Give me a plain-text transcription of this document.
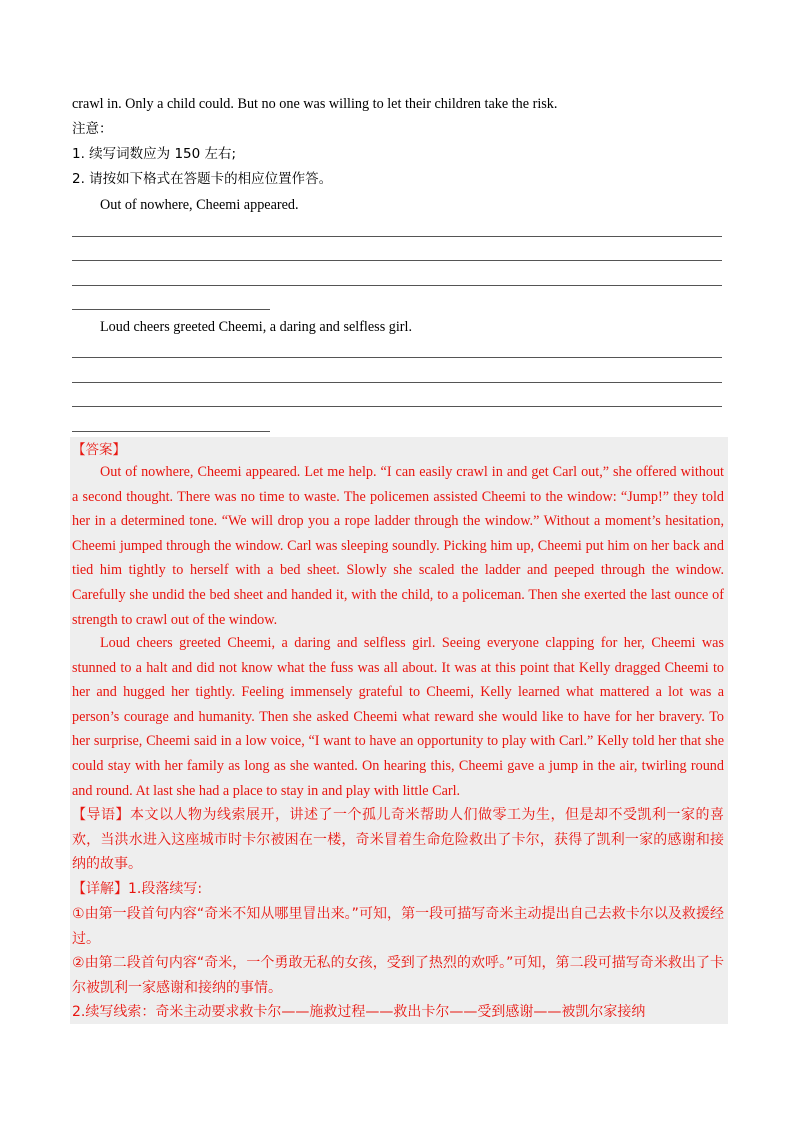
crawl in. Only a child could. But no one was willing to let their children take the risk.
注意：
1. 续写词数应为 150 左右;
2. 请按如下格式在答题卡的相应位置作答。
Out of nowhere, Cheemi appeared.
Loud cheers greeted Cheemi, a daring and selfless girl.
【答案】

Out of nowhere, Cheemi appeared. Let me help. “I can easily crawl in and get Carl out,” she offered without a second thought. There was no time to waste. The policemen assisted Cheemi to the window: “Jump!” they told her in a determined tone. “We will drop you a rope ladder through the window.” Without a moment’s hesitation, Cheemi jumped through the window. Carl was sleeping soundly. Picking him up, Cheemi put him on her back and tied him tightly to herself with a bed sheet. Slowly she scaled the ladder and peeped through the window. Carefully she undid the bed sheet and handed it, with the child, to a policeman. Then she exerted the last ounce of strength to crawl out of the window.

Loud cheers greeted Cheemi, a daring and selfless girl. Seeing everyone clapping for her, Cheemi was stunned to a halt and did not know what the fuss was all about. It was at this point that Kelly dragged Cheemi to her and hugged her tightly. Feeling immensely grateful to Cheemi, Kelly learned what mattered a lot was a person’s courage and humanity. Then she asked Cheemi what reward she would like to have for her bravery. To her surprise, Cheemi said in a low voice, “I want to have an opportunity to play with Carl.” Kelly told her that she could stay with her family as long as she wanted. On hearing this, Cheemi gave a jump in the air, twirling round and round. At last she had a place to stay in and play with little Carl.

【导语】本文以人物为线索展开，讲述了一个孤儿奇米帮助人们做零工为生，但是却不受凯利一家的喜欢，当洪水进入这座城市时卡尔被困在一楼，奇米冒着生命危险救出了卡尔，获得了凯利一家的感谢和接纳的故事。

【详解】1.段落续写:

①由第一段首句内容“奇米不知从哪里冒出来。”可知，第一段可描写奇米主动提出自己去救卡尔以及救援经过。

②由第二段首句内容“奇米，一个勇敢无私的女孩，受到了热烈的欢呼。”可知，第二段可描写奇米救出了卡尔被凯利一家感谢和接纳的事情。

2.续写线索：奇米主动要求救卡尔——施救过程——救出卡尔——受到感谢——被凯尔家接纳
